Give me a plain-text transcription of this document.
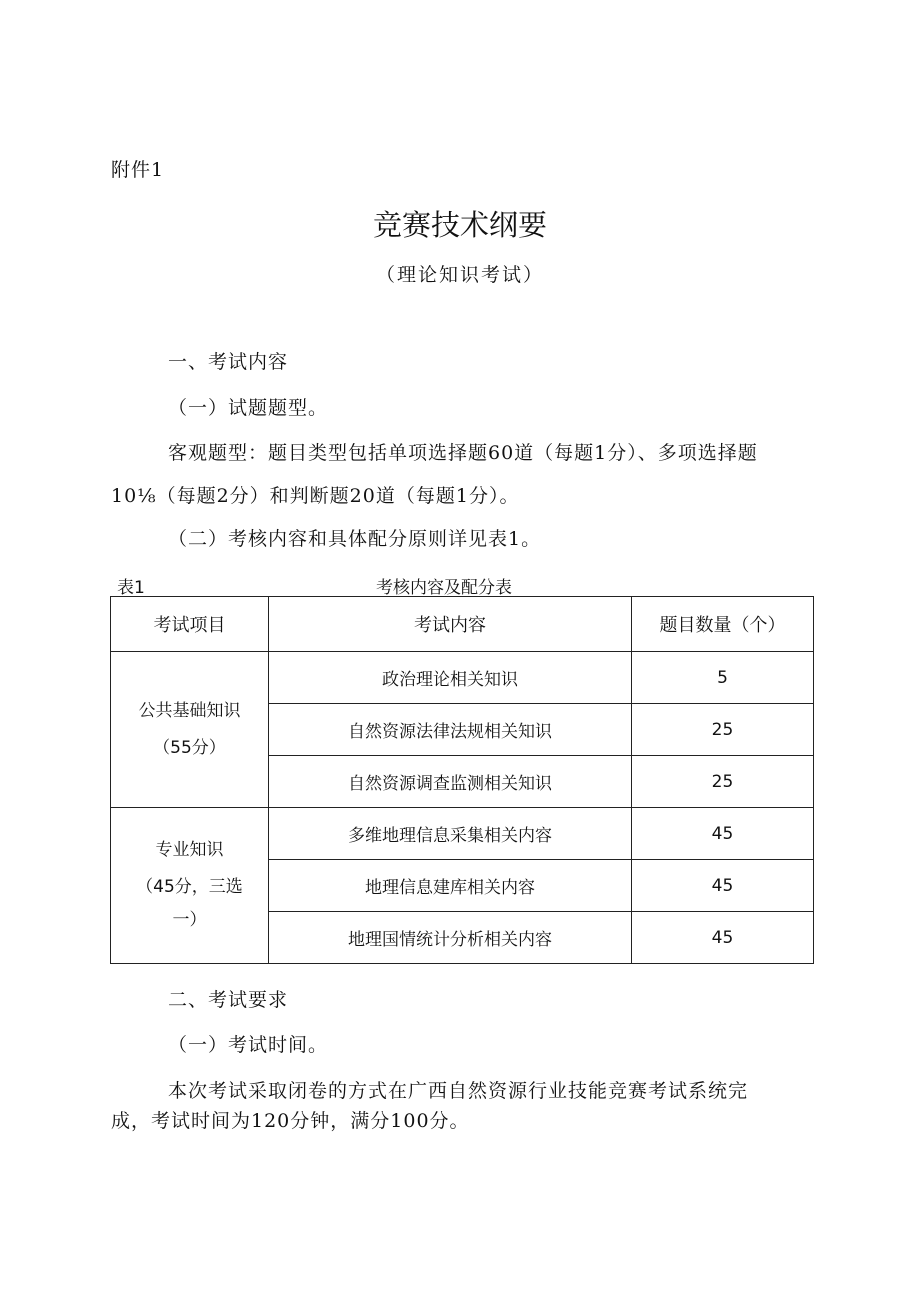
附件1
竞赛技术纲要
（理论知识考试）
一、考试内容
（一）试题题型。
客观题型：题目类型包括单项选择题60道（每题1分）、多项选择题
10⅛（每题2分）和判断题20道（每题1分）。
（二）考核内容和具体配分原则详见表1。
表1	考核内容及配分表
考试项目	考试内容	题目数量（个）

公共基础知识
（55分）	政治理论相关知识	5
	自然资源法律法规相关知识	25
	自然资源调查监测相关知识	25

专业知识
（45分，三选
一）	多维地理信息采集相关内容	45
	地理信息建库相关内容	45
	地理国情统计分析相关内容	45
二、考试要求
（一）考试时间。
本次考试采取闭卷的方式在广西自然资源行业技能竞赛考试系统完
成，考试时间为120分钟，满分100分。
